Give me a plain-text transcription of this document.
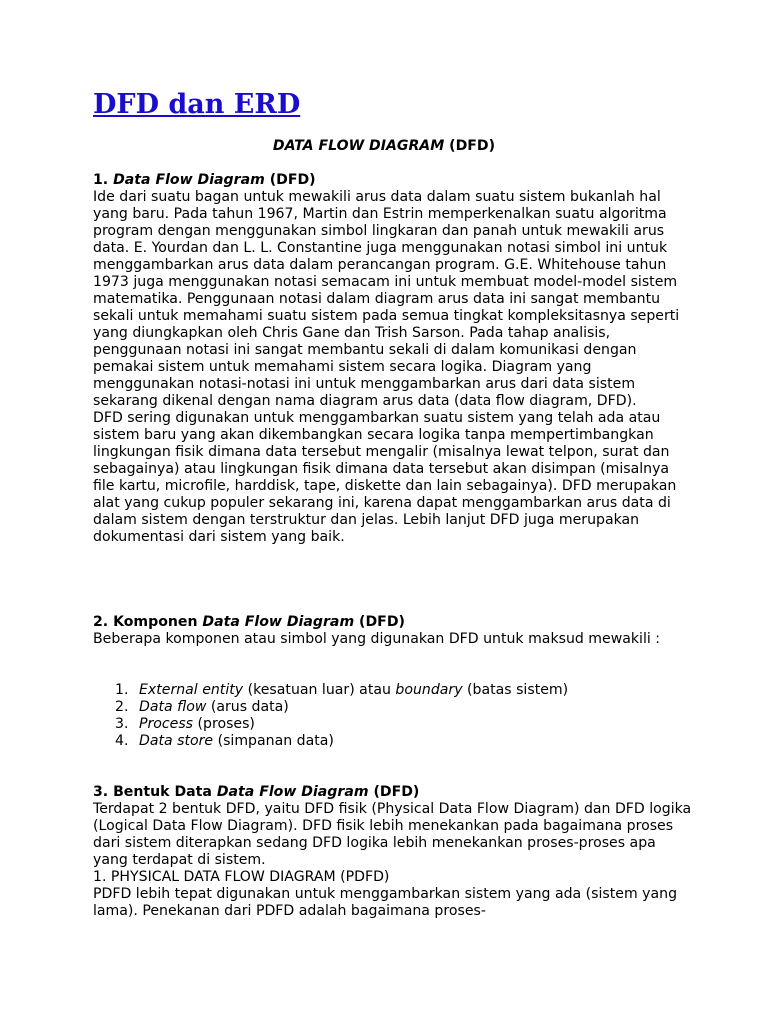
DFD dan ERD
DATA FLOW DIAGRAM (DFD)
1. Data Flow Diagram (DFD)

Ide dari suatu bagan untuk mewakili arus data dalam suatu sistem bukanlah hal yang baru. Pada tahun 1967, Martin dan Estrin memperkenalkan suatu algoritma program dengan menggunakan simbol lingkaran dan panah untuk mewakili arus data. E. Yourdan dan L. L. Constantine juga menggunakan notasi simbol ini untuk menggambarkan arus data dalam perancangan program. G.E. Whitehouse tahun 1973 juga menggunakan notasi semacam ini untuk membuat model-model sistem matematika. Penggunaan notasi dalam diagram arus data ini sangat membantu sekali untuk memahami suatu sistem pada semua tingkat kompleksitasnya seperti yang diungkapkan oleh Chris Gane dan Trish Sarson. Pada tahap analisis, penggunaan notasi ini sangat membantu sekali di dalam komunikasi dengan pemakai sistem untuk memahami sistem secara logika. Diagram yang menggunakan notasi-notasi ini untuk menggambarkan arus dari data sistem sekarang dikenal dengan nama diagram arus data (data flow diagram, DFD).

DFD sering digunakan untuk menggambarkan suatu sistem yang telah ada atau sistem baru yang akan dikembangkan secara logika tanpa mempertimbangkan lingkungan fisik dimana data tersebut mengalir (misalnya lewat telpon, surat dan sebagainya) atau lingkungan fisik dimana data tersebut akan disimpan (misalnya file kartu, microfile, harddisk, tape, diskette dan lain sebagainya). DFD merupakan alat yang cukup populer sekarang ini, karena dapat menggambarkan arus data di dalam sistem dengan terstruktur dan jelas. Lebih lanjut DFD juga merupakan dokumentasi dari sistem yang baik.

2. Komponen Data Flow Diagram (DFD)

Beberapa komponen atau simbol yang digunakan DFD untuk maksud mewakili :

1. External entity (kesatuan luar) atau boundary (batas sistem)
2. Data flow (arus data)
3. Process (proses)
4. Data store (simpanan data)
3. Bentuk Data Data Flow Diagram (DFD)

Terdapat 2 bentuk DFD, yaitu DFD fisik (Physical Data Flow Diagram) dan DFD logika (Logical Data Flow Diagram). DFD fisik lebih menekankan pada bagaimana proses dari sistem diterapkan sedang DFD logika lebih menekankan proses-proses apa yang terdapat di sistem.

1. PHYSICAL DATA FLOW DIAGRAM (PDFD)

PDFD lebih tepat digunakan untuk menggambarkan sistem yang ada (sistem yang lama). Penekanan dari PDFD adalah bagaimana proses-
